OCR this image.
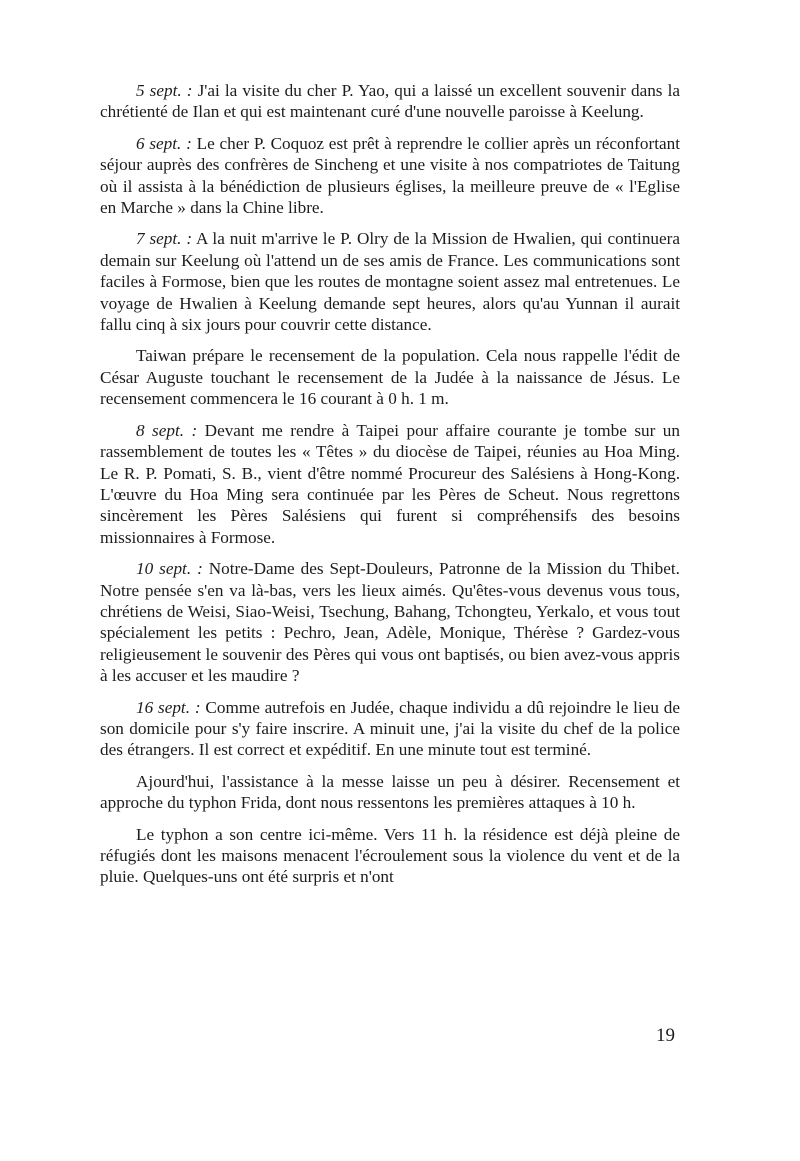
5 sept. : J'ai la visite du cher P. Yao, qui a laissé un excellent souvenir dans la chrétienté de Ilan et qui est maintenant curé d'une nouvelle paroisse à Keelung.

6 sept. : Le cher P. Coquoz est prêt à reprendre le collier après un réconfortant séjour auprès des confrères de Sincheng et une visite à nos compatriotes de Taitung où il assista à la bénédiction de plusieurs églises, la meilleure preuve de « l'Eglise en Marche » dans la Chine libre.

7 sept. : A la nuit m'arrive le P. Olry de la Mission de Hwalien, qui continuera demain sur Keelung où l'attend un de ses amis de France. Les communications sont faciles à Formose, bien que les routes de montagne soient assez mal entretenues. Le voyage de Hwalien à Keelung demande sept heures, alors qu'au Yunnan il aurait fallu cinq à six jours pour couvrir cette distance.

Taiwan prépare le recensement de la population. Cela nous rappelle l'édit de César Auguste touchant le recensement de la Judée à la naissance de Jésus. Le recensement commencera le 16 courant à 0 h. 1 m.

8 sept. : Devant me rendre à Taipei pour affaire courante je tombe sur un rassemblement de toutes les « Têtes » du diocèse de Taipei, réunies au Hoa Ming. Le R. P. Pomati, S. B., vient d'être nommé Procureur des Salésiens à Hong-Kong. L'œuvre du Hoa Ming sera continuée par les Pères de Scheut. Nous regrettons sincèrement les Pères Salésiens qui furent si compréhensifs des besoins missionnaires à Formose.

10 sept. : Notre-Dame des Sept-Douleurs, Patronne de la Mission du Thibet. Notre pensée s'en va là-bas, vers les lieux aimés. Qu'êtes-vous devenus vous tous, chrétiens de Weisi, Siao-Weisi, Tsechung, Bahang, Tchongteu, Yerkalo, et vous tout spécialement les petits : Pechro, Jean, Adèle, Monique, Thérèse ? Gardez-vous religieusement le souvenir des Pères qui vous ont baptisés, ou bien avez-vous appris à les accuser et les maudire ?

16 sept. : Comme autrefois en Judée, chaque individu a dû rejoindre le lieu de son domicile pour s'y faire inscrire. A minuit une, j'ai la visite du chef de la police des étrangers. Il est correct et expéditif. En une minute tout est terminé.

Ajourd'hui, l'assistance à la messe laisse un peu à désirer. Recensement et approche du typhon Frida, dont nous ressentons les premières attaques à 10 h.

Le typhon a son centre ici-même. Vers 11 h. la résidence est déjà pleine de réfugiés dont les maisons menacent l'écroulement sous la violence du vent et de la pluie. Quelques-uns ont été surpris et n'ont

19
